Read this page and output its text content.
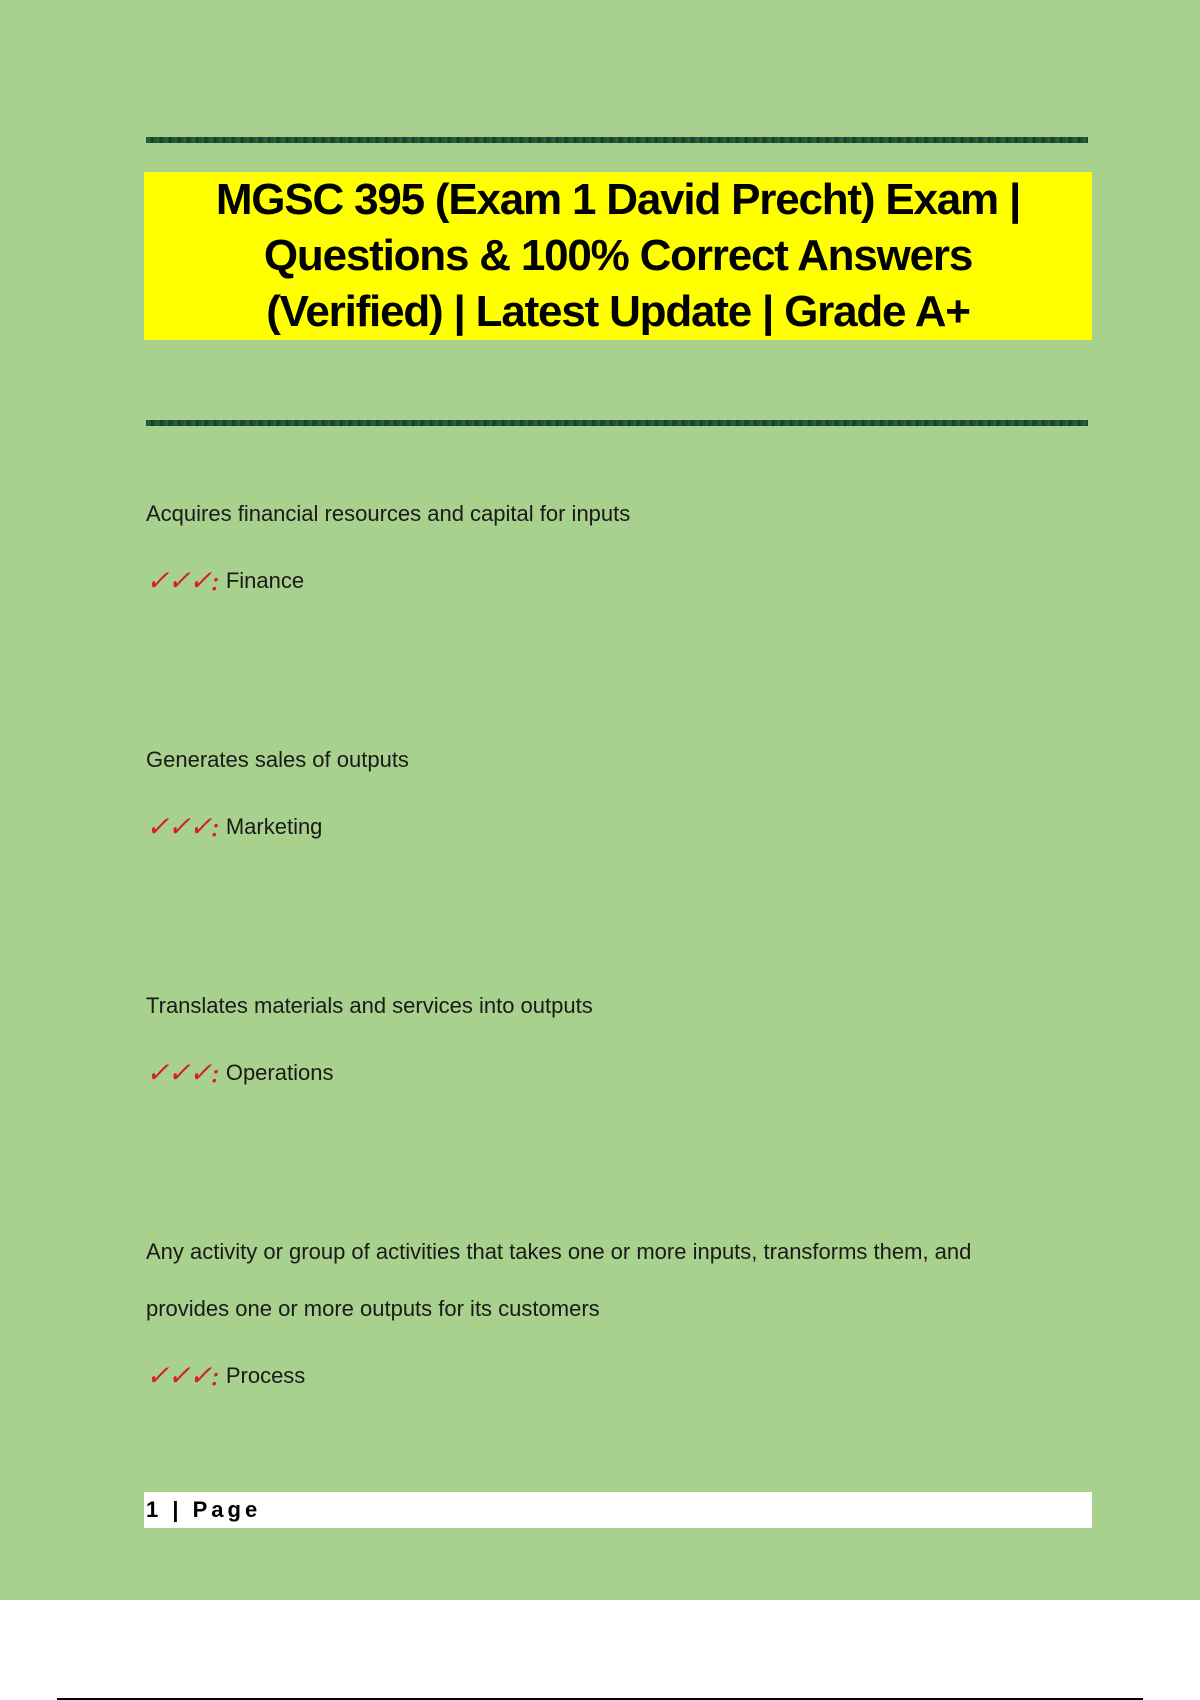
MGSC 395 (Exam 1 David Precht) Exam |
Questions & 100% Correct Answers
(Verified) | Latest Update | Grade A+

Acquires financial resources and capital for inputs

✓✓✓: Finance

Generates sales of outputs

✓✓✓: Marketing

Translates materials and services into outputs

✓✓✓: Operations

Any activity or group of activities that takes one or more inputs, transforms them, and

provides one or more outputs for its customers

✓✓✓: Process
1 | Page
